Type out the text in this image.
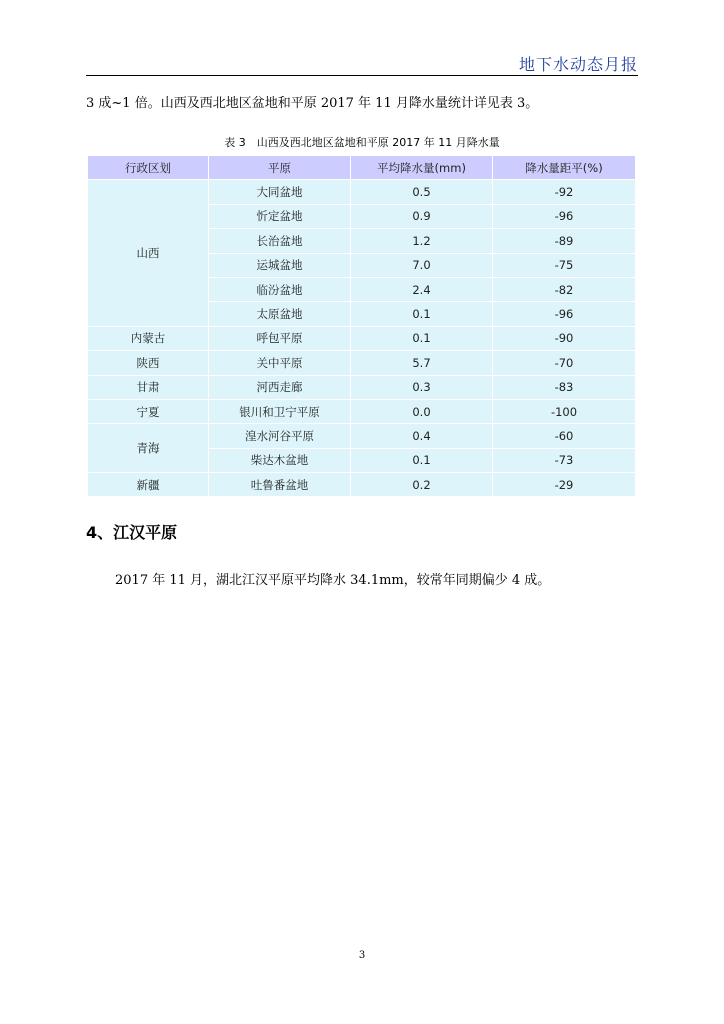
地下水动态月报
3 成~1 倍。山西及西北地区盆地和平原 2017 年 11 月降水量统计详见表 3。
表 3　山西及西北地区盆地和平原 2017 年 11 月降水量
行政区划	平原	平均降水量(mm)	降水量距平(%)
山西	大同盆地	0.5	-92
	忻定盆地	0.9	-96
	长治盆地	1.2	-89
	运城盆地	7.0	-75
	临汾盆地	2.4	-82
	太原盆地	0.1	-96
内蒙古	呼包平原	0.1	-90
陕西	关中平原	5.7	-70
甘肃	河西走廊	0.3	-83
宁夏	银川和卫宁平原	0.0	-100
青海	湟水河谷平原	0.4	-60
	柴达木盆地	0.1	-73
新疆	吐鲁番盆地	0.2	-29
4、江汉平原
2017 年 11 月，湖北江汉平原平均降水 34.1mm，较常年同期偏少 4 成。
3
